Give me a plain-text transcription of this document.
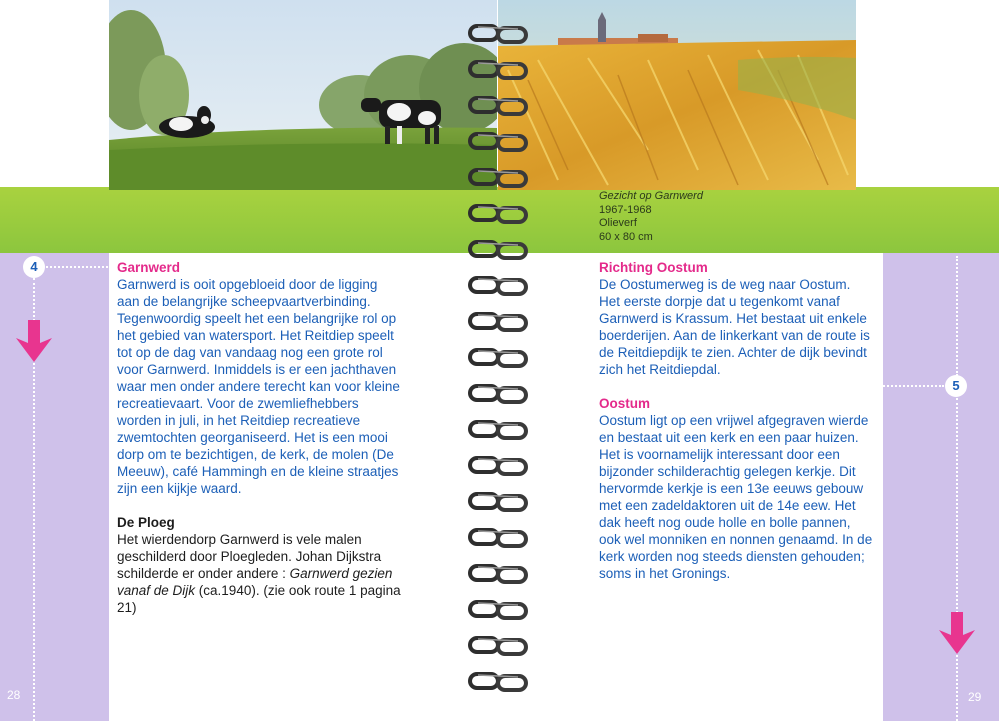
Gezicht op Garnwerd
1967-1968
Olieverf
60 x 80 cm
4
28
5
29

Garnwerd

Garnwerd is ooit opgebloeid door de ligging aan de belangrijke scheepvaartverbinding. Tegenwoordig speelt het een belangrijke rol op het gebied van watersport. Het Reitdiep speelt tot op de dag van vandaag nog een grote rol voor Garnwerd. Inmiddels is er een jachthaven waar men onder andere terecht kan voor kleine recreatievaart. Voor de zwemliefhebbers worden in juli, in het Reitdiep recreatieve zwemtochten georganiseerd. Het is een mooi dorp om te bezichtigen, de kerk, de molen (De Meeuw), café Hammingh en de kleine straatjes zijn een kijkje waard.

De Ploeg

Het wierdendorp Garnwerd is vele malen geschilderd door Ploegleden. Johan Dijkstra schilderde er onder andere : Garnwerd gezien vanaf de Dijk (ca.1940). (zie ook route 1 pagina 21)

Richting Oostum

De Oostumerweg is de weg naar Oostum. Het eerste dorpje dat u tegenkomt vanaf Garnwerd is Krassum. Het bestaat uit enkele boerderijen. Aan de linkerkant van de route is de Reitdiepdijk te zien. Achter de dijk bevindt zich het Reitdiepdal.

Oostum

Oostum ligt op een vrijwel afgegraven wierde en bestaat uit een kerk en een paar huizen. Het is voornamelijk interessant door een bijzonder schilderachtig gelegen kerkje. Dit hervormde kerkje is een 13e eeuws gebouw met een zadeldaktoren uit de 14e eew. Het dak heeft nog oude holle en bolle pannen, ook wel monniken en nonnen genaamd. In de kerk worden nog steeds diensten gehouden; soms in het Gronings.
